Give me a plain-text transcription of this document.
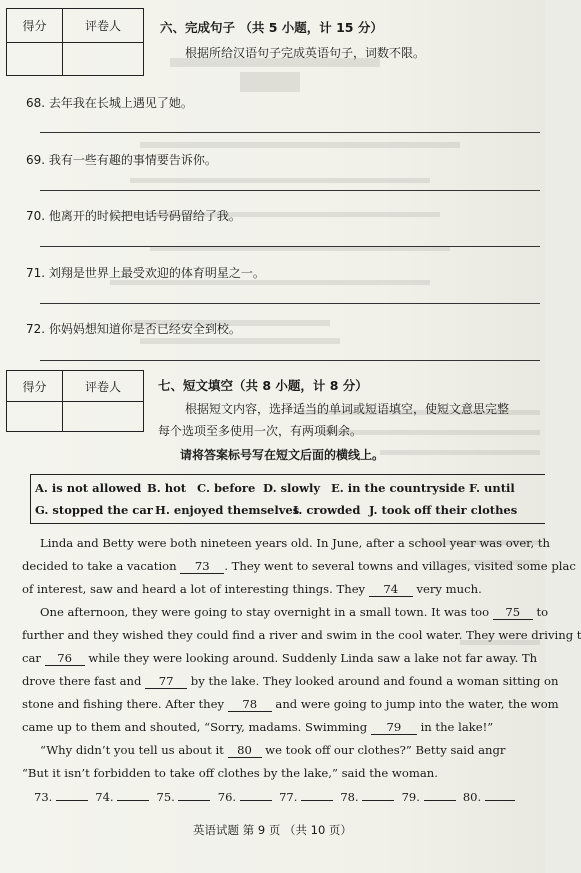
得分	评卷人
		六、完成句子 （共 5 小题，计 15 分）
根据所给汉语句子完成英语句子，词数不限。
68. 去年我在长城上遇见了她。
69. 我有一些有趣的事情要告诉你。
70. 他离开的时候把电话号码留给了我。
71. 刘翔是世界上最受欢迎的体育明星之一。
72. 你妈妈想知道你是否已经安全到校。
得分	评卷人
		七、短文填空（共 8 小题，计 8 分）
根据短文内容，选择适当的单词或短语填空，使短文意思完整
每个选项至多使用一次，有两项剩余。
请将答案标号写在短文后面的横线上。
A. is not allowed B. hot C. before D. slowly E. in the countryside F. until
G. stopped the car H. enjoyed themselves
I. crowded J. took off their clothes
Linda and Betty were both nineteen years old. In June, after a school year was over, th
decided to take a vacation 73 . They went to several towns and villages, visited some plac
of interest, saw and heard a lot of interesting things. They 74 very much.
One afternoon, they were going to stay overnight in a small town. It was too 75 to
further and they wished they could find a river and swim in the cool water. They were driving t
car 76 while they were looking around. Suddenly Linda saw a lake not far away. Th
drove there fast and 77 by the lake. They looked around and found a woman sitting on
stone and fishing there. After they 78 and were going to jump into the water, the wom
came up to them and shouted, “Sorry, madams. Swimming 79 in the lake!”
“Why didn’t you tell us about it 80 we took off our clothes?” Betty said angr
“But it isn’t forbidden to take off clothes by the lake,” said the woman.
73.	74.	75.	76.	77.	78.	79.	80.
英语试题 第 9 页 （共 10 页）
